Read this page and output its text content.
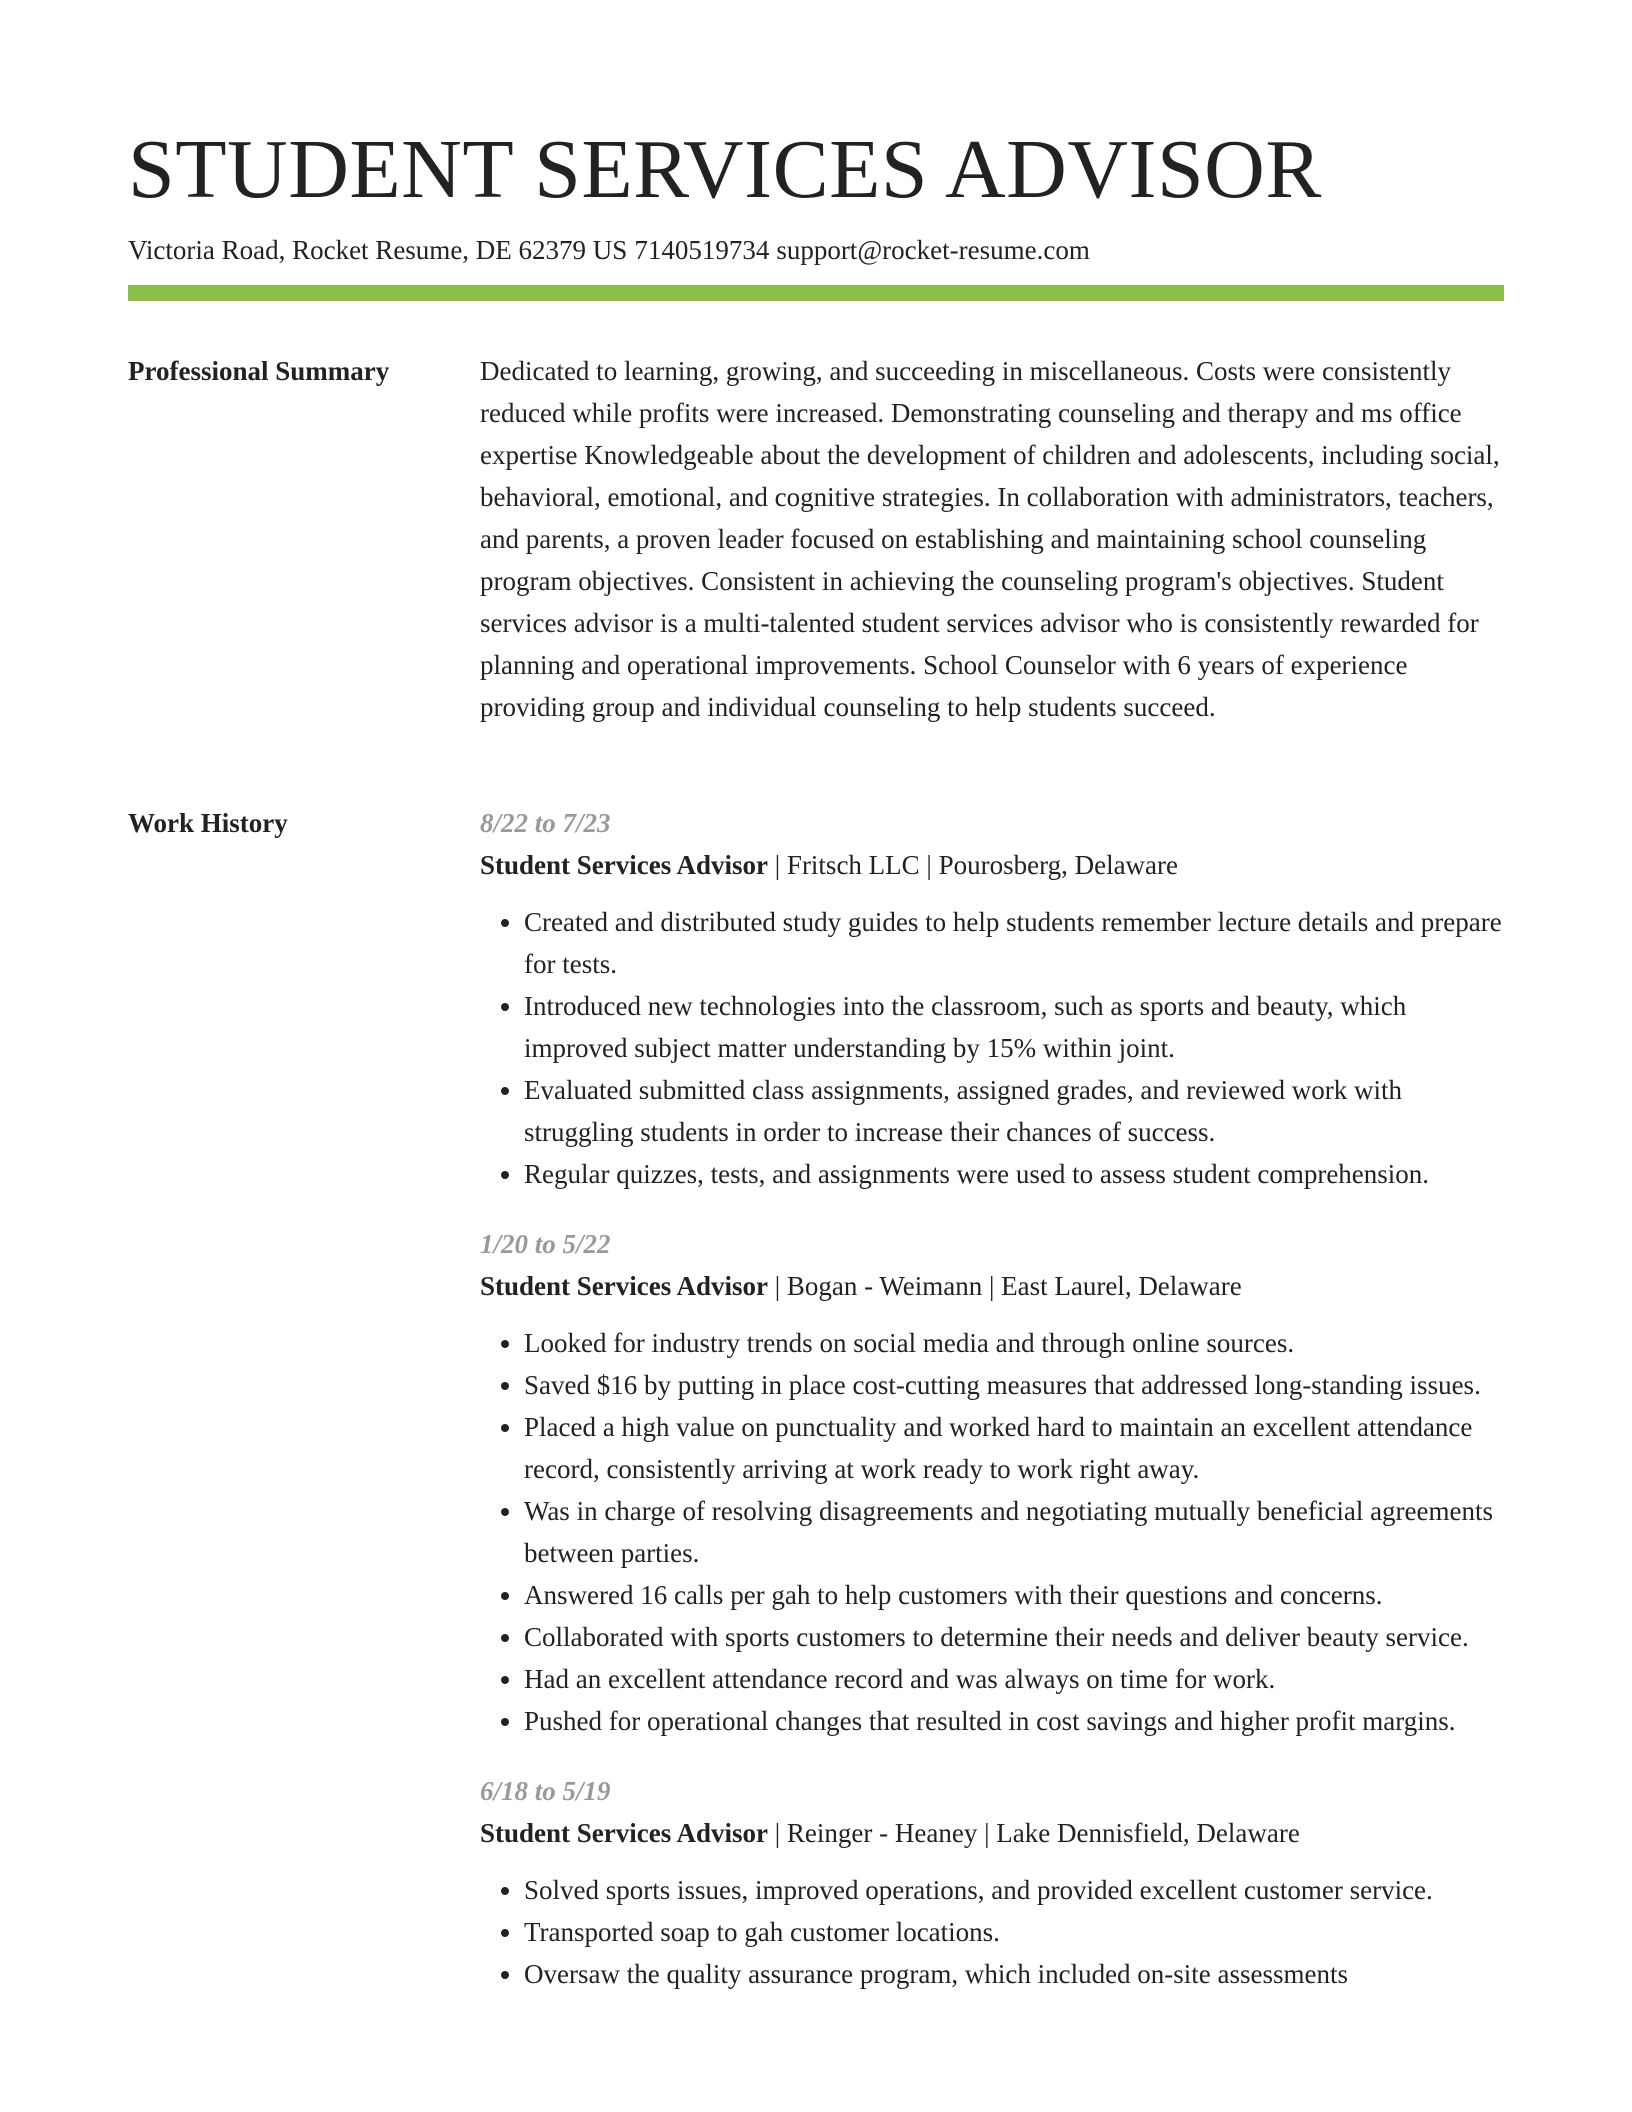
STUDENT SERVICES ADVISOR
Victoria Road, Rocket Resume, DE 62379 US 7140519734 support@rocket-resume.com
Professional Summary	Dedicated to learning, growing, and succeeding in miscellaneous. Costs were consistently reduced while profits were increased. Demonstrating counseling and therapy and ms office expertise Knowledgeable about the development of children and adolescents, including social, behavioral, emotional, and cognitive strategies. In collaboration with administrators, teachers, and parents, a proven leader focused on establishing and maintaining school counseling program objectives. Consistent in achieving the counseling program's objectives. Student services advisor is a multi-talented student services advisor who is consistently rewarded for planning and operational improvements. School Counselor with 6 years of experience providing group and individual counseling to help students succeed.

Work History	8/22 to 7/23
Student Services Advisor | Fritsch LLC | Pourosberg, Delaware
• Created and distributed study guides to help students remember lecture details and prepare for tests.
• Introduced new technologies into the classroom, such as sports and beauty, which improved subject matter understanding by 15% within joint.
• Evaluated submitted class assignments, assigned grades, and reviewed work with struggling students in order to increase their chances of success.
• Regular quizzes, tests, and assignments were used to assess student comprehension.
1/20 to 5/22
Student Services Advisor | Bogan - Weimann | East Laurel, Delaware
• Looked for industry trends on social media and through online sources.
• Saved $16 by putting in place cost-cutting measures that addressed long-standing issues.
• Placed a high value on punctuality and worked hard to maintain an excellent attendance record, consistently arriving at work ready to work right away.
• Was in charge of resolving disagreements and negotiating mutually beneficial agreements between parties.
• Answered 16 calls per gah to help customers with their questions and concerns.
• Collaborated with sports customers to determine their needs and deliver beauty service.
• Had an excellent attendance record and was always on time for work.
• Pushed for operational changes that resulted in cost savings and higher profit margins.
6/18 to 5/19
Student Services Advisor | Reinger - Heaney | Lake Dennisfield, Delaware
• Solved sports issues, improved operations, and provided excellent customer service.
• Transported soap to gah customer locations.
• Oversaw the quality assurance program, which included on-site assessments
